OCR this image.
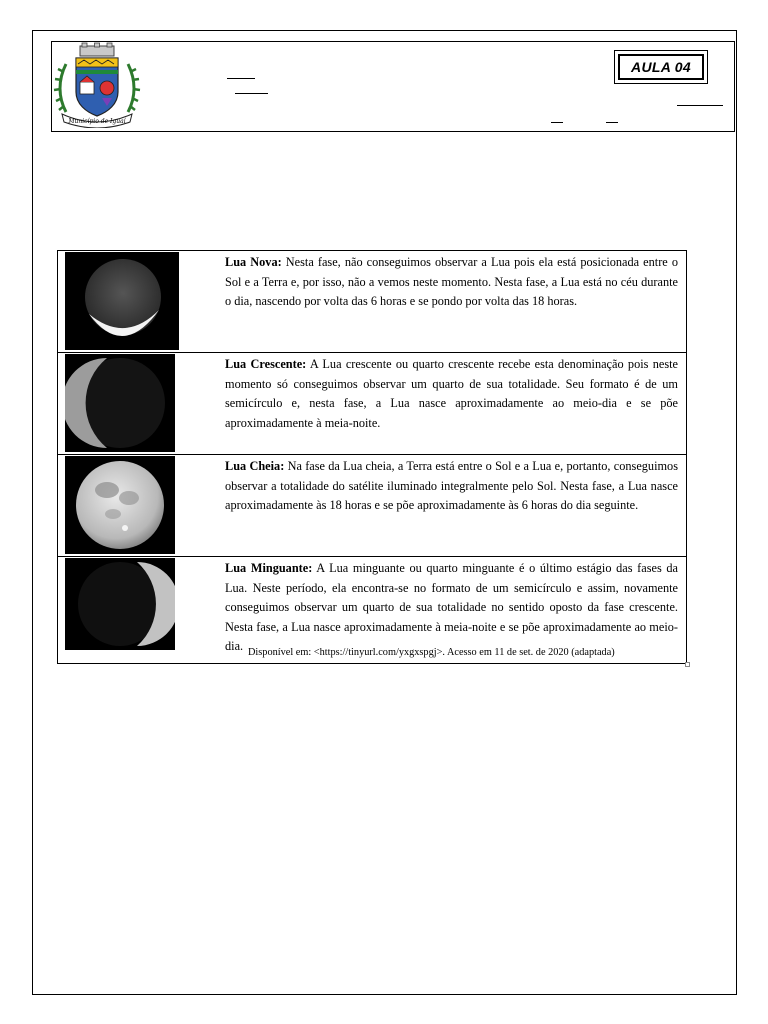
Município de Iguaí
AULA 04
Lua Nova: Nesta fase, não conseguimos observar a Lua pois ela está posicionada entre o Sol e a Terra e, por isso, não a vemos neste momento. Nesta fase, a Lua está no céu durante o dia, nascendo por volta das 6 horas e se pondo por volta das 18 horas.
Lua Crescente: A Lua crescente ou quarto crescente recebe esta denominação pois neste momento só conseguimos observar um quarto de sua totalidade. Seu formato é de um semicírculo e, nesta fase, a Lua nasce aproximadamente ao meio-dia e se põe aproximadamente à meia-noite.
Lua Cheia: Na fase da Lua cheia, a Terra está entre o Sol e a Lua e, portanto, conseguimos observar a totalidade do satélite iluminado integralmente pelo Sol. Nesta fase, a Lua nasce aproximadamente às 18 horas e se põe aproximadamente às 6 horas do dia seguinte.
Lua Minguante: A Lua minguante ou quarto minguante é o último estágio das fases da Lua. Neste período, ela encontra-se no formato de um semicírculo e assim, novamente conseguimos observar um quarto de sua totalidade no sentido oposto da fase crescente. Nesta fase, a Lua nasce aproximadamente à meia-noite e se põe aproximadamente ao meio-dia. Disponível em: <https://tinyurl.com/yxgxspgj>. Acesso em 11 de set. de 2020 (adaptada)
